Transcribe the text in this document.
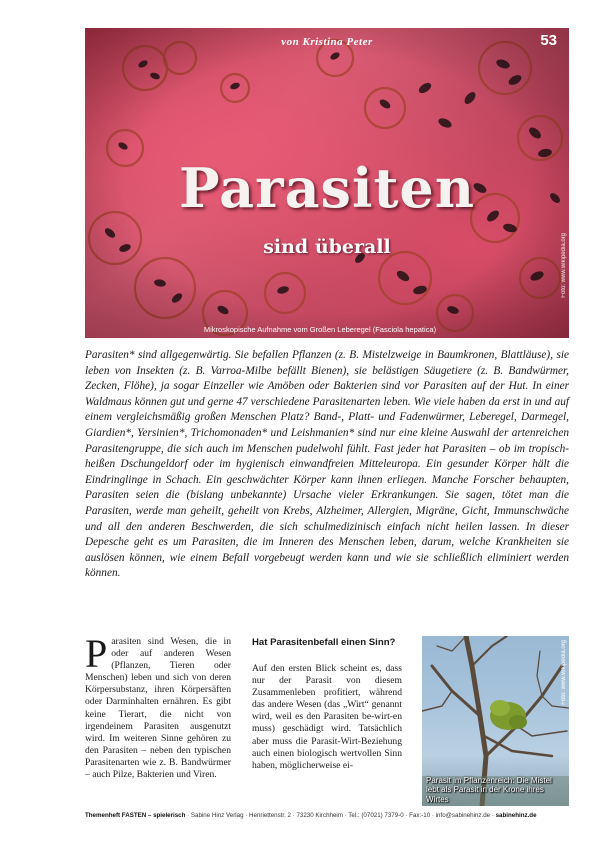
von Kristina Peter	53
Parasiten
sind überall
Mikroskopische Aufnahme vom Großen Leberegel (Fasciola hepatica)
Foto: www.wikipedia.org

Parasiten* sind allgegenwärtig. Sie befallen Pflanzen (z. B. Mistelzweige in Baumkronen, Blattläuse), sie leben von Insekten (z. B. Varroa-Milbe befällt Bienen), sie belästigen Säugetiere (z. B. Bandwürmer, Zecken, Flöhe), ja sogar Einzeller wie Amöben oder Bakterien sind vor Parasiten auf der Hut. In einer Waldmaus können gut und gerne 47 verschiedene Parasitenarten leben. Wie viele haben da erst in und auf einem vergleichsmäßig großen Menschen Platz? Band-, Platt- und Fadenwürmer, Leberegel, Darmegel, Giardien*, Yersinien*, Trichomonaden* und Leishmanien* sind nur eine kleine Auswahl der artenreichen Parasitengruppe, die sich auch im Menschen pudelwohl fühlt. Fast jeder hat Parasiten – ob im tropisch-heißen Dschungeldorf oder im hygienisch einwandfreien Mitteleuropa. Ein gesunder Körper hält die Eindringlinge in Schach. Ein geschwächter Körper kann ihnen erliegen. Manche Forscher behaupten, Parasiten seien die (bislang unbekannte) Ursache vieler Erkrankungen. Sie sagen, tötet man die Parasiten, werde man geheilt, geheilt von Krebs, Alzheimer, Allergien, Migräne, Gicht, Immunschwäche und all den anderen Beschwerden, die sich schulmedizinisch einfach nicht heilen lassen. In dieser Depesche geht es um Parasiten, die im Inneren des Menschen leben, darum, welche Krankheiten sie auslösen können, wie einem Befall vorgebeugt werden kann und wie sie schließlich eliminiert werden können.

Parasiten sind Wesen, die in oder auf anderen Wesen (Pflanzen, Tieren oder Menschen) leben und sich von deren Körpersubstanz, ihren Körpersäften oder Darminhalten ernähren. Es gibt keine Tierart, die nicht von irgendeinem Parasiten ausgenutzt wird. Im weiteren Sinne gehören zu den Parasiten – neben den typischen Parasitenarten wie z. B. Bandwürmer – auch Pilze, Bakterien und Viren.
Hat Parasitenbefall einen Sinn?

Auf den ersten Blick scheint es, dass nur der Parasit von diesem Zusammenleben profitiert, während das andere Wesen (das „Wirt“ genannt wird, weil es den Parasiten be-wirt-en muss) geschädigt wird. Tatsächlich aber muss die Parasit-Wirt-Beziehung auch einen biologisch wertvollen Sinn haben, möglicherweise ei-

Foto: www.wikipedia.org
Parasit im Pflanzenreich: Die Mistel lebt als Parasit in der Krone ihres Wirtes
Themenheft FASTEN – spielerisch · Sabine Hinz Verlag · Henriettenstr. 2 · 73230 Kirchheim · Tel.: (07021) 7379-0 · Fax:-10 · info@sabinehinz.de · sabinehinz.de
